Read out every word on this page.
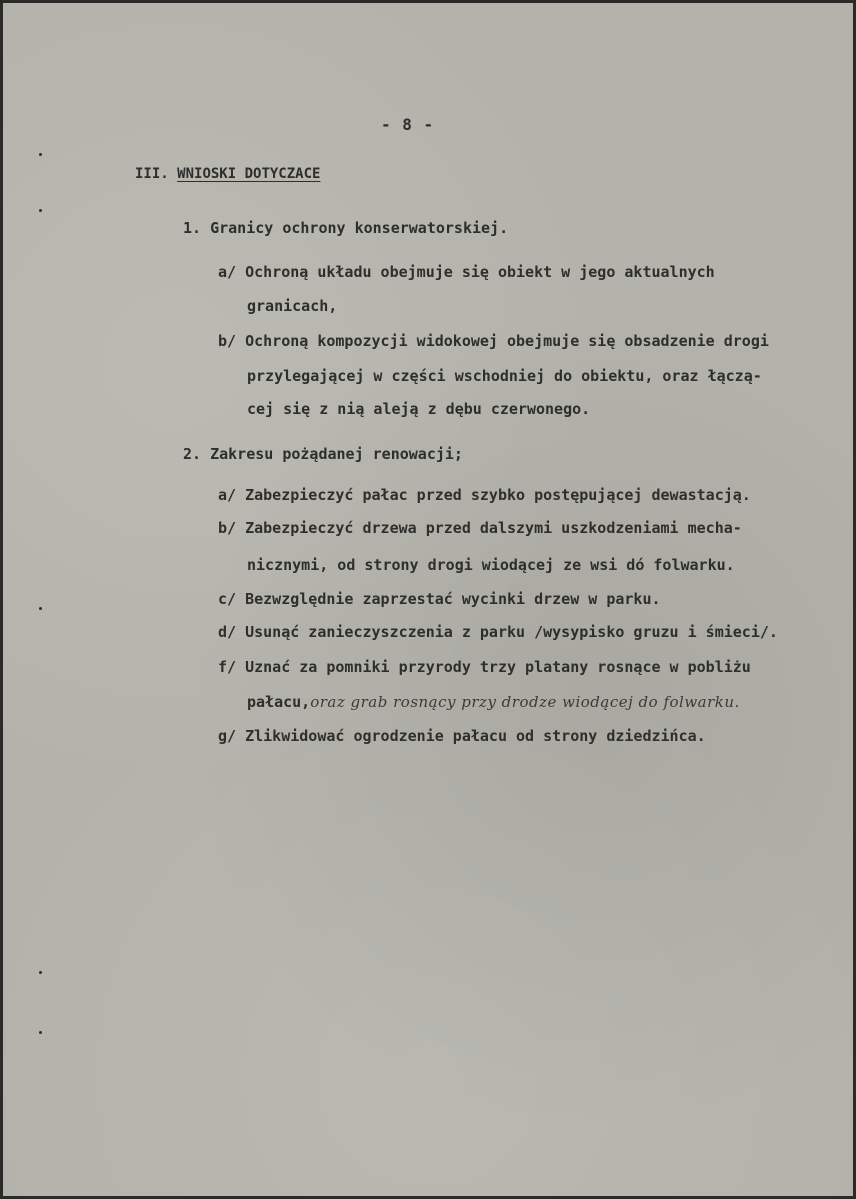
- 8 -
III. WNIOSKI DOTYCZACE
1. Granicy ochrony konserwatorskiej.
a/ Ochroną układu obejmuje się obiekt w jego aktualnych
granicach,
b/ Ochroną kompozycji widokowej obejmuje się obsadzenie drogi
przylegającej w części wschodniej do obiektu, oraz łączą-
cej się z nią aleją z dębu czerwonego.
2. Zakresu pożądanej renowacji;
a/ Zabezpieczyć pałac przed szybko postępującej dewastacją.
b/ Zabezpieczyć drzewa przed dalszymi uszkodzeniami mecha-
nicznymi, od strony drogi wiodącej ze wsi dó folwarku.
c/ Bezwzględnie zaprzestać wycinki drzew w parku.
d/ Usunąć zanieczyszczenia z parku /wysypisko gruzu i śmieci/.
f/ Uznać za pomniki przyrody trzy platany rosnące w pobliżu
pałacu,oraz grab rosnący przy drodze wiodącej do folwarku.
g/ Zlikwidować ogrodzenie pałacu od strony dziedzińca.
